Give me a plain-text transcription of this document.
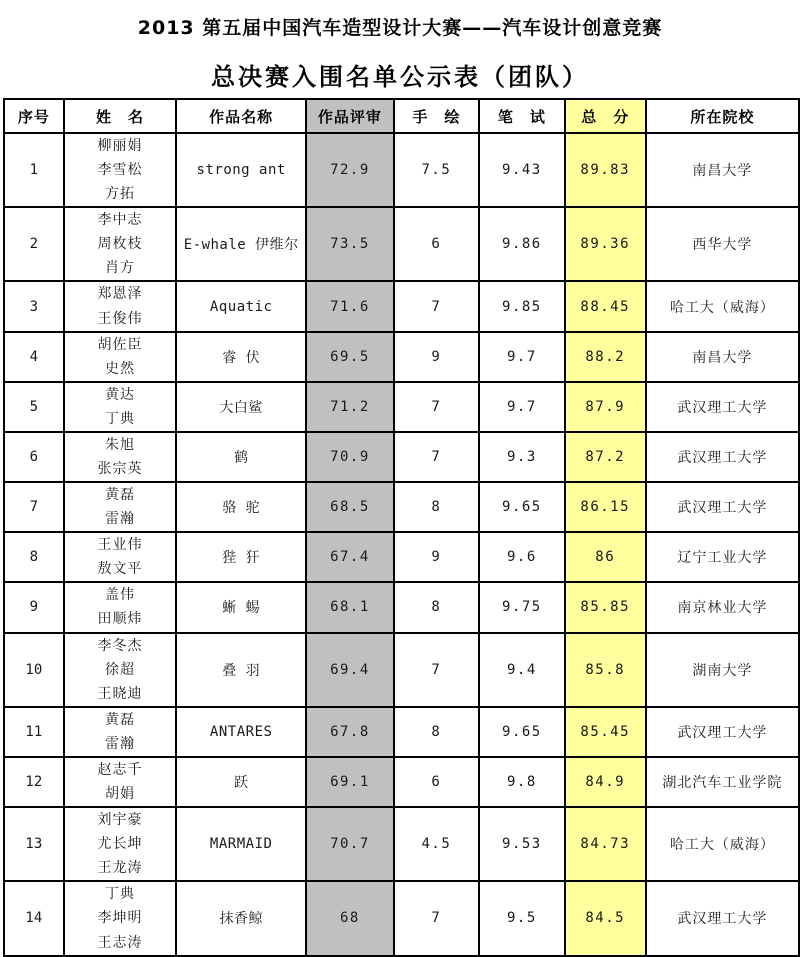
2013 第五届中国汽车造型设计大赛——汽车设计创意竞赛
总决赛入围名单公示表（团队）
序号	姓　名	作品名称	作品评审	手　绘	笔　试	总　分	所在院校
1	柳丽娟
李雪松
方拓	strong ant	72.9	7.5	9.43	89.83	南昌大学
2	李中志
周枚枝
肖方	E-whale 伊维尔	73.5	6	9.86	89.36	西华大学
3	郑恩泽
王俊伟	Aquatic	71.6	7	9.85	88.45	哈工大（威海）
4	胡佐臣
史然	睿 伏	69.5	9	9.7	88.2	南昌大学
5	黄达
丁典	大白鲨	71.2	7	9.7	87.9	武汉理工大学
6	朱旭
张宗英	鹤	70.9	7	9.3	87.2	武汉理工大学
7	黄磊
雷瀚	骆 驼	68.5	8	9.65	86.15	武汉理工大学
8	王业伟
敖文平	狴 犴	67.4	9	9.6	86	辽宁工业大学
9	盖伟
田顺炜	蜥 蜴	68.1	8	9.75	85.85	南京林业大学
10	李冬杰
徐超
王晓迪	叠 羽	69.4	7	9.4	85.8	湖南大学
11	黄磊
雷瀚	ANTARES	67.8	8	9.65	85.45	武汉理工大学
12	赵志千
胡娟	跃	69.1	6	9.8	84.9	湖北汽车工业学院
13	刘宇豪
尤长坤
王龙涛	MARMAID	70.7	4.5	9.53	84.73	哈工大（威海）
14	丁典
李坤明
王志涛	抹香鲸	68	7	9.5	84.5	武汉理工大学
